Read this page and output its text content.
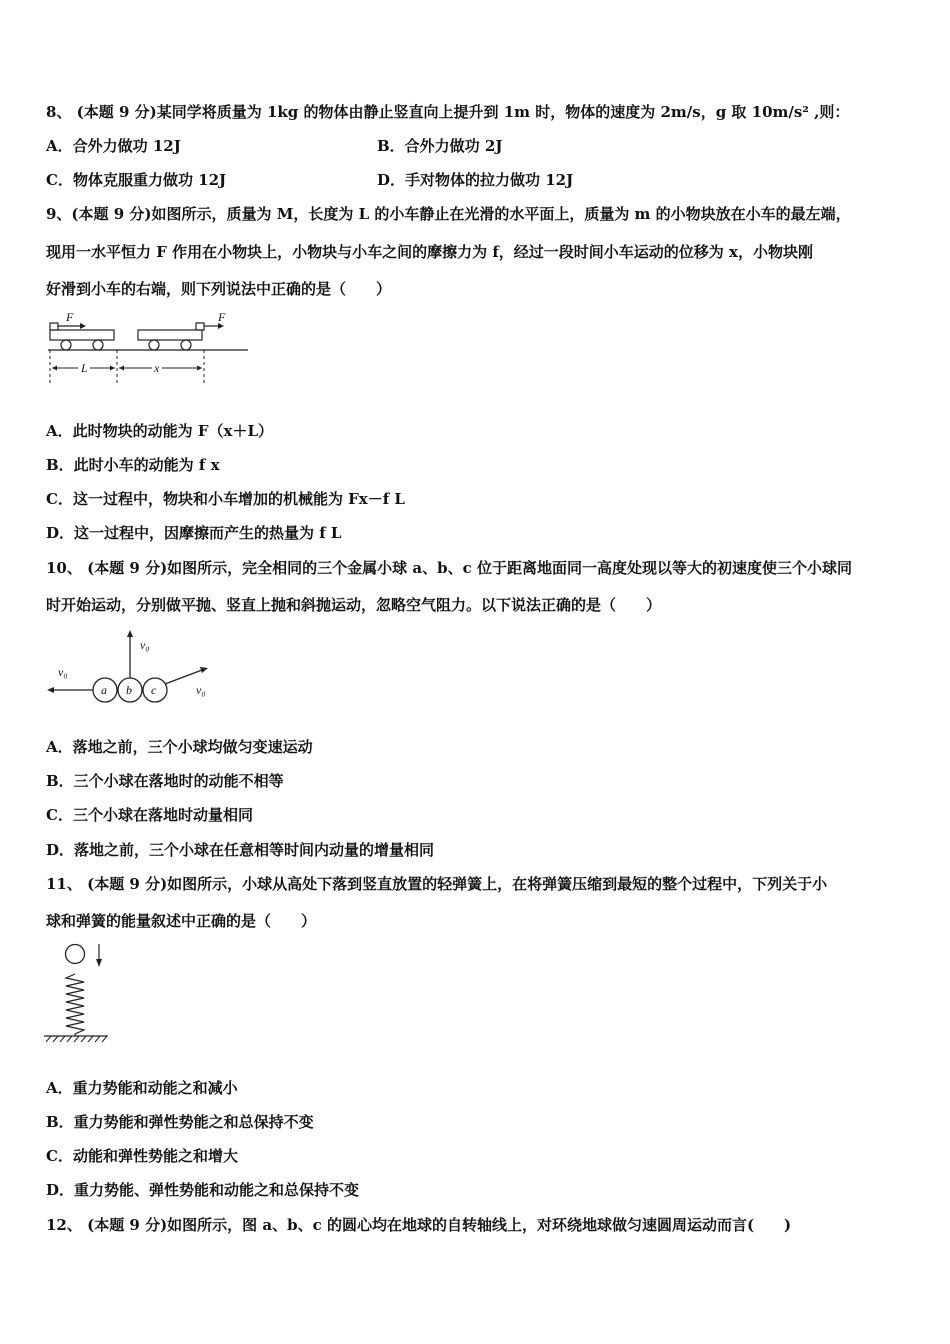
8、 (本题 9 分)某同学将质量为 1kg 的物体由静止竖直向上提升到 1m 时，物体的速度为 2m/s，g 取 10m/s² ,则：
A．合外力做功 12J	B．合外力做功 2J
C．物体克服重力做功 12J	D．手对物体的拉力做功 12J
9、(本题 9 分)如图所示，质量为 M，长度为 L 的小车静止在光滑的水平面上，质量为 m 的小物块放在小车的最左端，
现用一水平恒力 F 作用在小物块上，小物块与小车之间的摩擦力为 f，经过一段时间小车运动的位移为 x，小物块刚
好滑到小车的右端，则下列说法中正确的是（　　）
F	F
L	x
A．此时物块的动能为 F（x＋L）
B．此时小车的动能为 f x
C．这一过程中，物块和小车增加的机械能为 Fx－f L
D．这一过程中，因摩擦而产生的热量为 f L
10、 (本题 9 分)如图所示，完全相同的三个金属小球 a、b、c 位于距离地面同一高度处现以等大的初速度使三个小球同
时开始运动，分别做平抛、竖直上抛和斜抛运动，忽略空气阻力。以下说法正确的是（　　）
a b c
v₀
v₀
v₀
A．落地之前，三个小球均做匀变速运动
B．三个小球在落地时的动能不相等
C．三个小球在落地时动量相同
D．落地之前，三个小球在任意相等时间内动量的增量相同
11、 (本题 9 分)如图所示，小球从高处下落到竖直放置的轻弹簧上，在将弹簧压缩到最短的整个过程中，下列关于小
球和弹簧的能量叙述中正确的是（　　）
A．重力势能和动能之和减小
B．重力势能和弹性势能之和总保持不变
C．动能和弹性势能之和增大
D．重力势能、弹性势能和动能之和总保持不变
12、 (本题 9 分)如图所示，图 a、b、c 的圆心均在地球的自转轴线上，对环绕地球做匀速圆周运动而言(　　)
